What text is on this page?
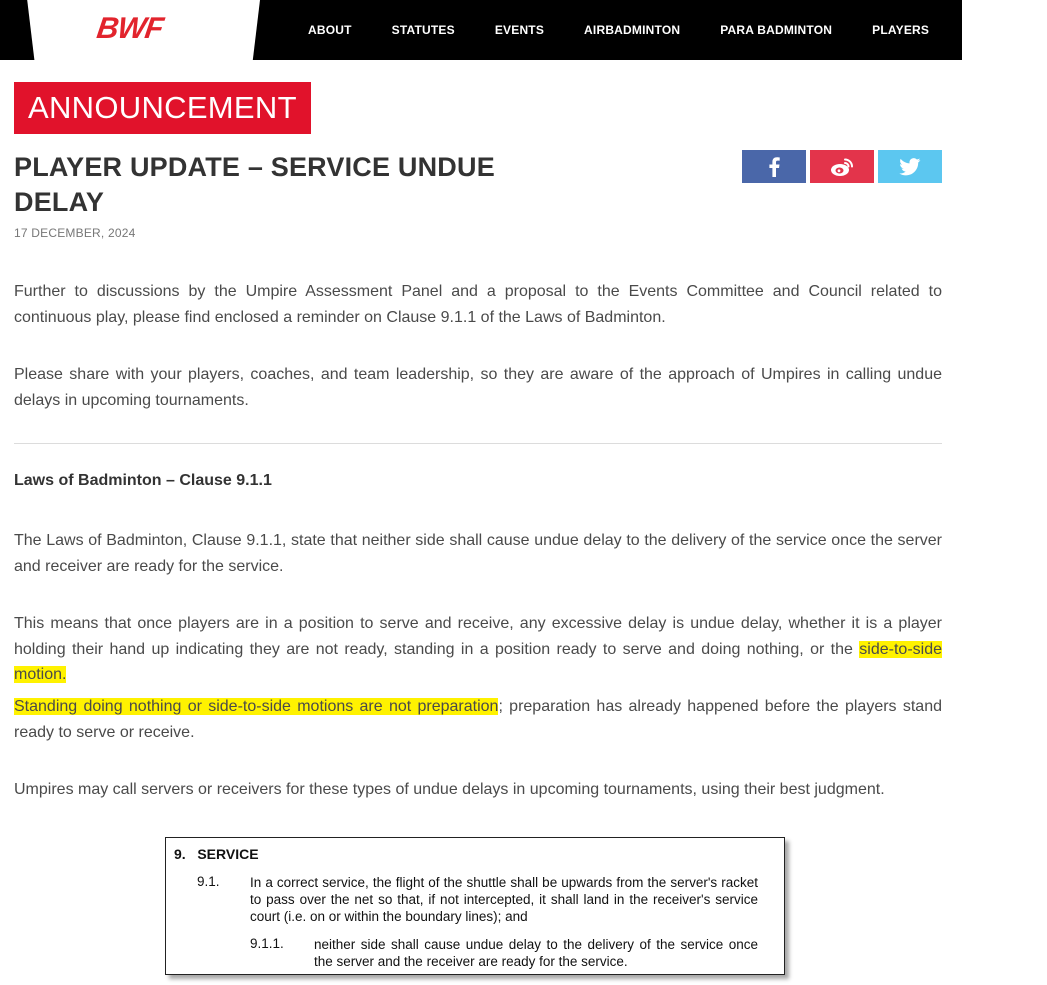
BWF	ABOUT	STATUTES	EVENTS	AIRBADMINTON	PARA BADMINTON	PLAYERS	INTEG
ANNOUNCEMENT
PLAYER UPDATE – SERVICE UNDUE DELAY
17 DECEMBER, 2024

Further to discussions by the Umpire Assessment Panel and a proposal to the Events Committee and Council related to continuous play, please find enclosed a reminder on Clause 9.1.1 of the Laws of Badminton.

Please share with your players, coaches, and team leadership, so they are aware of the approach of Umpires in calling undue delays in upcoming tournaments.

Laws of Badminton – Clause 9.1.1

The Laws of Badminton, Clause 9.1.1, state that neither side shall cause undue delay to the delivery of the service once the server and receiver are ready for the service.

This means that once players are in a position to serve and receive, any excessive delay is undue delay, whether it is a player holding their hand up indicating they are not ready, standing in a position ready to serve and doing nothing, or the side-to-side motion.

Standing doing nothing or side-to-side motions are not preparation; preparation has already happened before the players stand ready to serve or receive.

Umpires may call servers or receivers for these types of undue delays in upcoming tournaments, using their best judgment.

9.   SERVICE
9.1. In a correct service, the flight of the shuttle shall be upwards from the server's racket to pass over the net so that, if not intercepted, it shall land in the receiver's service court (i.e. on or within the boundary lines); and
9.1.1. neither side shall cause undue delay to the delivery of the service once the server and the receiver are ready for the service.
